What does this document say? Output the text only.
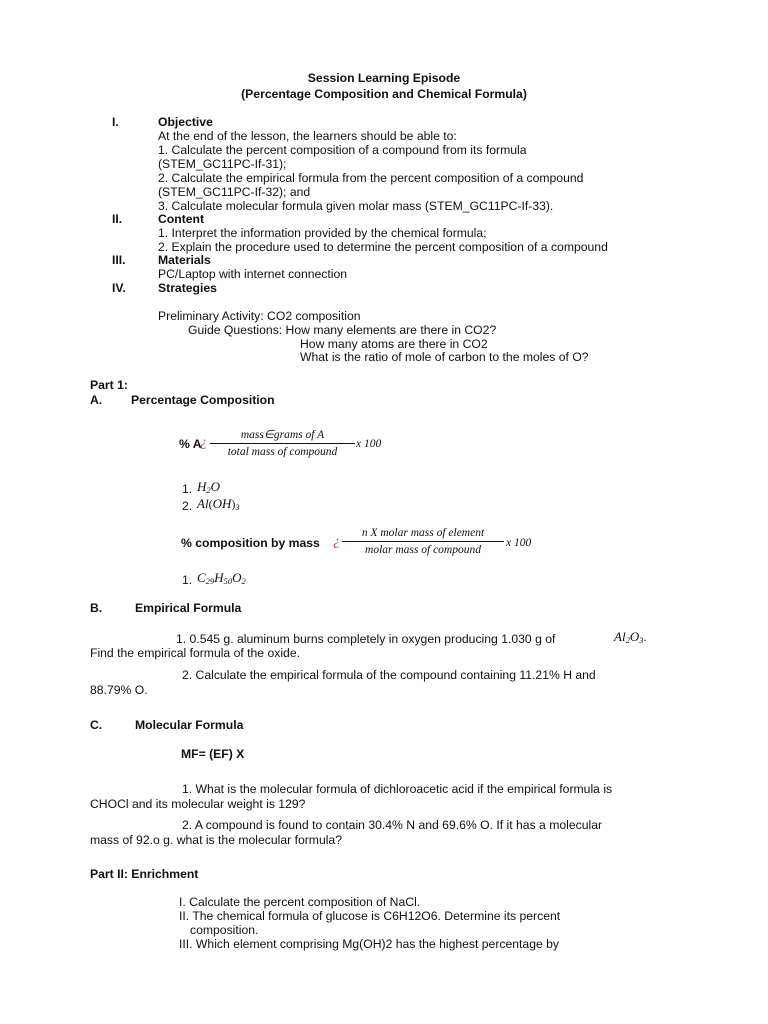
Session Learning Episode
(Percentage Composition and Chemical Formula)
I.	Objective
At the end of the lesson, the learners should be able to:
1. Calculate the percent composition of a compound from its formula
(STEM_GC11PC-If-31);
2. Calculate the empirical formula from the percent composition of a compound
(STEM_GC11PC-If-32); and
3. Calculate molecular formula given molar mass (STEM_GC11PC-If-33).
II.	Content
1. Interpret the information provided by the chemical formula;
2. Explain the procedure used to determine the percent composition of a compound
III.	Materials
PC/Laptop with internet connection
IV.	Strategies
Preliminary Activity: CO2 composition
Guide Questions: How many elements are there in CO2?
How many atoms are there in CO2
What is the ratio of mole of carbon to the moles of O?
Part 1:
A. Percentage Composition
% A
¿	mass∈grams of A
total mass of compound
x 100
1. $H_2O$
2. $Al(OH)_3$
% composition by mass ¿
n X molar mass of element
molar mass of compound
x 100
1. $C_{29}H_{50}O_2$
B.	Empirical Formula
1. 0.545 g. aluminum burns completely in oxygen producing 1.030 g of	$Al_2O_3$.
Find the empirical formula of the oxide.
2. Calculate the empirical formula of the compound containing 11.21% H and
88.79% O.
C.	Molecular Formula
MF= (EF) X
1. What is the molecular formula of dichloroacetic acid if the empirical formula is
CHOCl and its molecular weight is 129?
2. A compound is found to contain 30.4% N and 69.6% O. If it has a molecular
mass of 92.o g. what is the molecular formula?
Part II: Enrichment
I. Calculate the percent composition of NaCl.
II. The chemical formula of glucose is C6H12O6. Determine its percent
composition.
III. Which element comprising Mg(OH)2 has the highest percentage by
